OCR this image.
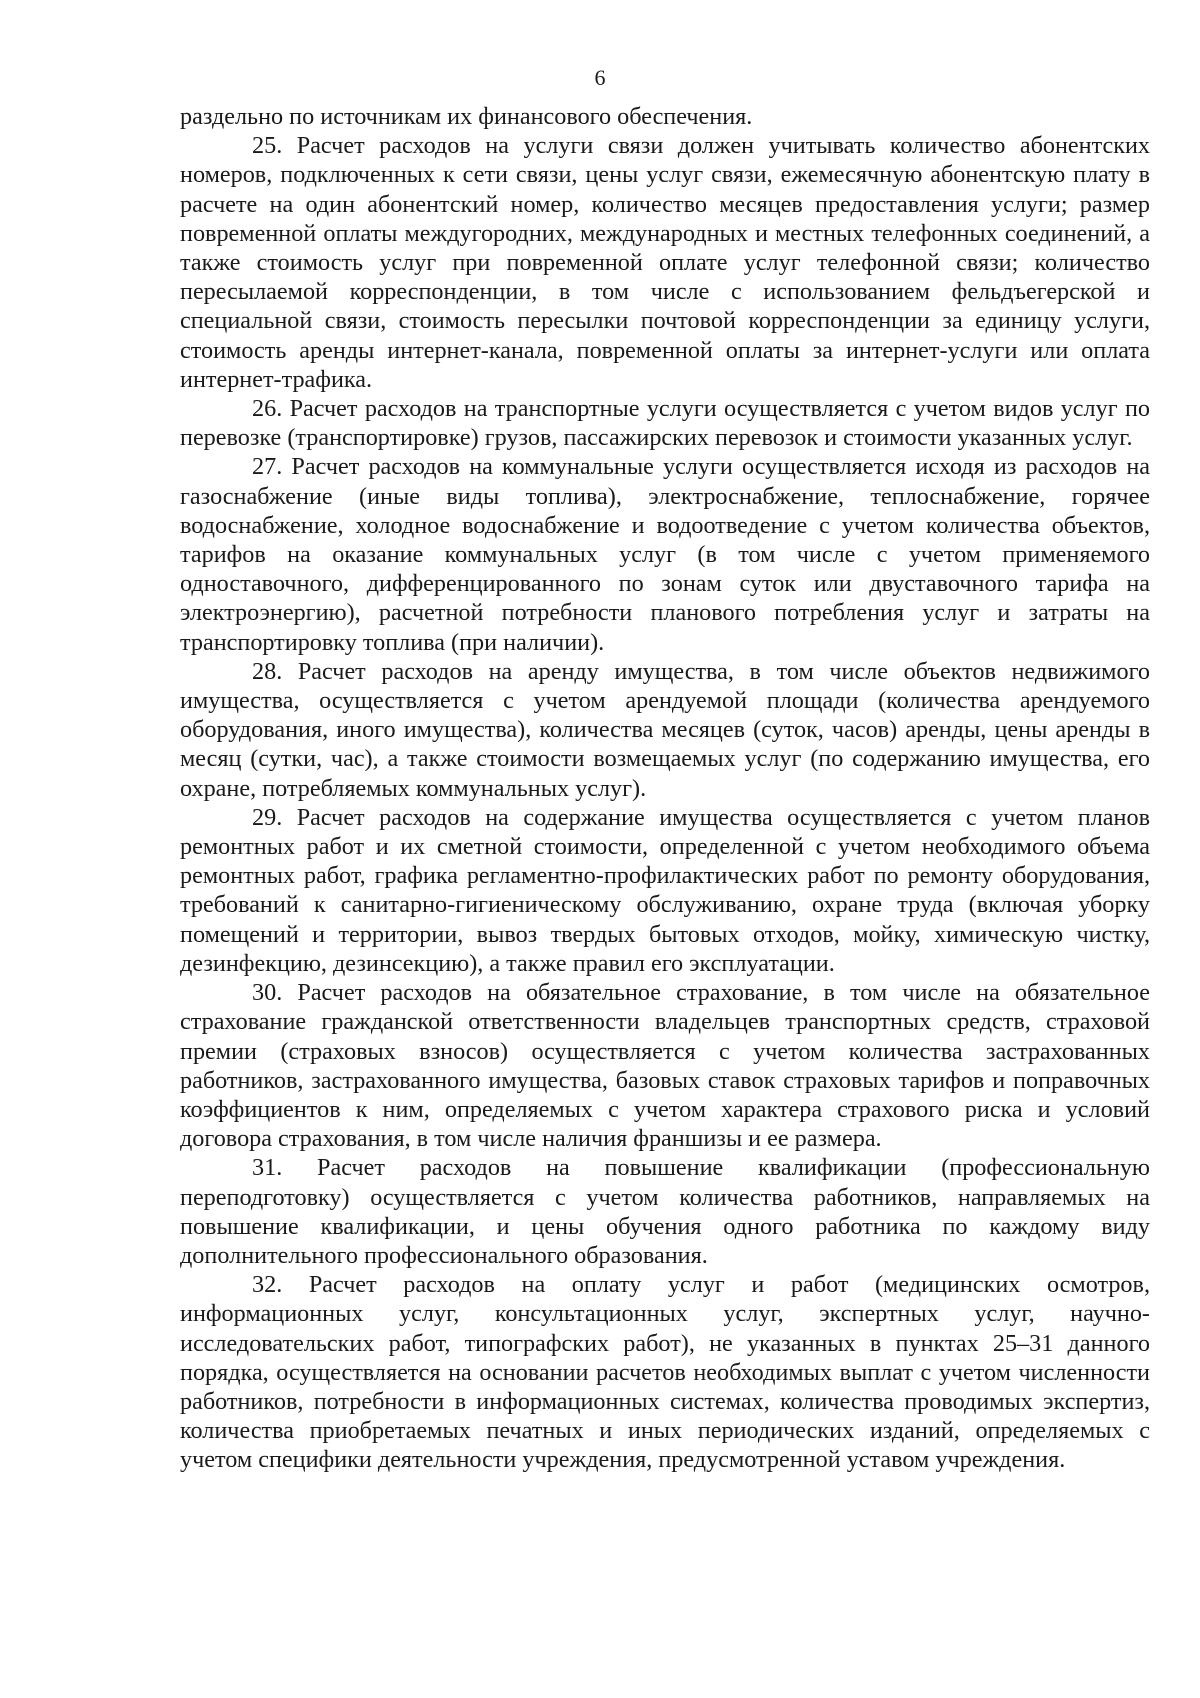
6

раздельно по источникам их финансового обеспечения.

25. Расчет расходов на услуги связи должен учитывать количество абонентских номеров, подключенных к сети связи, цены услуг связи, ежемесячную абонентскую плату в расчете на один абонентский номер, количество месяцев предоставления услуги; размер повременной оплаты междугородних, международных и местных телефонных соединений, а также стоимость услуг при повременной оплате услуг телефонной связи; количество пересылаемой корреспонденции, в том числе с использованием фельдъегерской и специальной связи, стоимость пересылки почтовой корреспонденции за единицу услуги, стоимость аренды интернет-канала, повременной оплаты за интернет-услуги или оплата интернет-трафика.

26. Расчет расходов на транспортные услуги осуществляется с учетом видов услуг по перевозке (транспортировке) грузов, пассажирских перевозок и стоимости указанных услуг.

27. Расчет расходов на коммунальные услуги осуществляется исходя из расходов на газоснабжение (иные виды топлива), электроснабжение, теплоснабжение, горячее водоснабжение, холодное водоснабжение и водоотведение с учетом количества объектов, тарифов на оказание коммунальных услуг (в том числе с учетом применяемого одноставочного, дифференцированного по зонам суток или двуставочного тарифа на электроэнергию), расчетной потребности планового потребления услуг и затраты на транспортировку топлива (при наличии).

28. Расчет расходов на аренду имущества, в том числе объектов недвижимого имущества, осуществляется с учетом арендуемой площади (количества арендуемого оборудования, иного имущества), количества месяцев (суток, часов) аренды, цены аренды в месяц (сутки, час), а также стоимости возмещаемых услуг (по содержанию имущества, его охране, потребляемых коммунальных услуг).

29. Расчет расходов на содержание имущества осуществляется с учетом планов ремонтных работ и их сметной стоимости, определенной с учетом необходимого объема ремонтных работ, графика регламентно-профилактических работ по ремонту оборудования, требований к санитарно-гигиеническому обслуживанию, охране труда (включая уборку помещений и территории, вывоз твердых бытовых отходов, мойку, химическую чистку, дезинфекцию, дезинсекцию), а также правил его эксплуатации.

30. Расчет расходов на обязательное страхование, в том числе на обязательное страхование гражданской ответственности владельцев транспортных средств, страховой премии (страховых взносов) осуществляется с учетом количества застрахованных работников, застрахованного имущества, базовых ставок страховых тарифов и поправочных коэффициентов к ним, определяемых с учетом характера страхового риска и условий договора страхования, в том числе наличия франшизы и ее размера.

31. Расчет расходов на повышение квалификации (профессиональную переподготовку) осуществляется с учетом количества работников, направляемых на повышение квалификации, и цены обучения одного работника по каждому виду дополнительного профессионального образования.

32. Расчет расходов на оплату услуг и работ (медицинских осмотров, информационных услуг, консультационных услуг, экспертных услуг, научно-исследовательских работ, типографских работ), не указанных в пунктах 25–31 данного порядка, осуществляется на основании расчетов необходимых выплат с учетом численности работников, потребности в информационных системах, количества проводимых экспертиз, количества приобретаемых печатных и иных периодических изданий, определяемых с учетом специфики деятельности учреждения, предусмотренной уставом учреждения.
